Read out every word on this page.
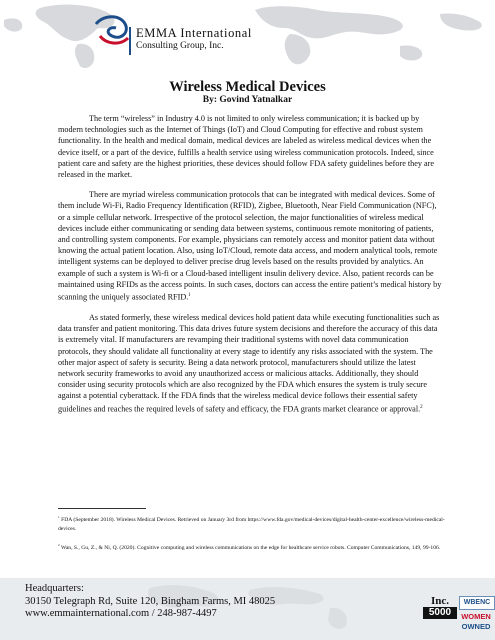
EMMA International
Consulting Group, Inc.
Wireless Medical Devices
By: Govind Yatnalkar

The term “wireless” in Industry 4.0 is not limited to only wireless communication; it is backed up by modern technologies such as the Internet of Things (IoT) and Cloud Computing for effective and robust system functionality. In the health and medical domain, medical devices are labeled as wireless medical devices when the device itself, or a part of the device, fulfills a health service using wireless communication protocols. Indeed, since patient care and safety are the highest priorities, these devices should follow FDA safety guidelines before they are released in the market.

There are myriad wireless communication protocols that can be integrated with medical devices. Some of them include Wi-Fi, Radio Frequency Identification (RFID), Zigbee, Bluetooth, Near Field Communication (NFC), or a simple cellular network. Irrespective of the protocol selection, the major functionalities of wireless medical devices include either communicating or sending data between systems, continuous remote monitoring of patients, and controlling system components. For example, physicians can remotely access and monitor patient data without knowing the actual patient location. Also, using IoT/Cloud, remote data access, and modern analytical tools, remote intelligent systems can be deployed to deliver precise drug levels based on the results provided by analytics. An example of such a system is Wi-fi or a Cloud-based intelligent insulin delivery device. Also, patient records can be maintained using RFIDs as the access points. In such cases, doctors can access the entire patient’s medical history by scanning the uniquely associated RFID.$^1$

As stated formerly, these wireless medical devices hold patient data while executing functionalities such as data transfer and patient monitoring. This data drives future system decisions and therefore the accuracy of this data is extremely vital. If manufacturers are revamping their traditional systems with novel data communication protocols, they should validate all functionality at every stage to identify any risks associated with the system. The other major aspect of safety is security. Being a data network protocol, manufacturers should utilize the latest network security frameworks to avoid any unauthorized access or malicious attacks. Additionally, they should consider using security protocols which are also recognized by the FDA which ensures the system is truly secure against a potential cyberattack. If the FDA finds that the wireless medical device follows their essential safety guidelines and reaches the required levels of safety and efficacy, the FDA grants market clearance or approval.$^2$

$^1$ FDA (September 2018). Wireless Medical Devices. Retrieved on January 3rd from https://www.fda.gov/medical-devices/digital-health-center-excellence/wireless-medical-devices.

$^2$ Wan, S., Gu, Z., & Ni, Q. (2020). Cognitive computing and wireless communications on the edge for healthcare service robots. Computer Communications, 149, 99-106.

Headquarters:
30150 Telegraph Rd, Suite 120, Bingham Farms, MI 48025
www.emmainternational.com / 248-987-4497
Inc.
5000
WBENC
WOMEN
OWNED
